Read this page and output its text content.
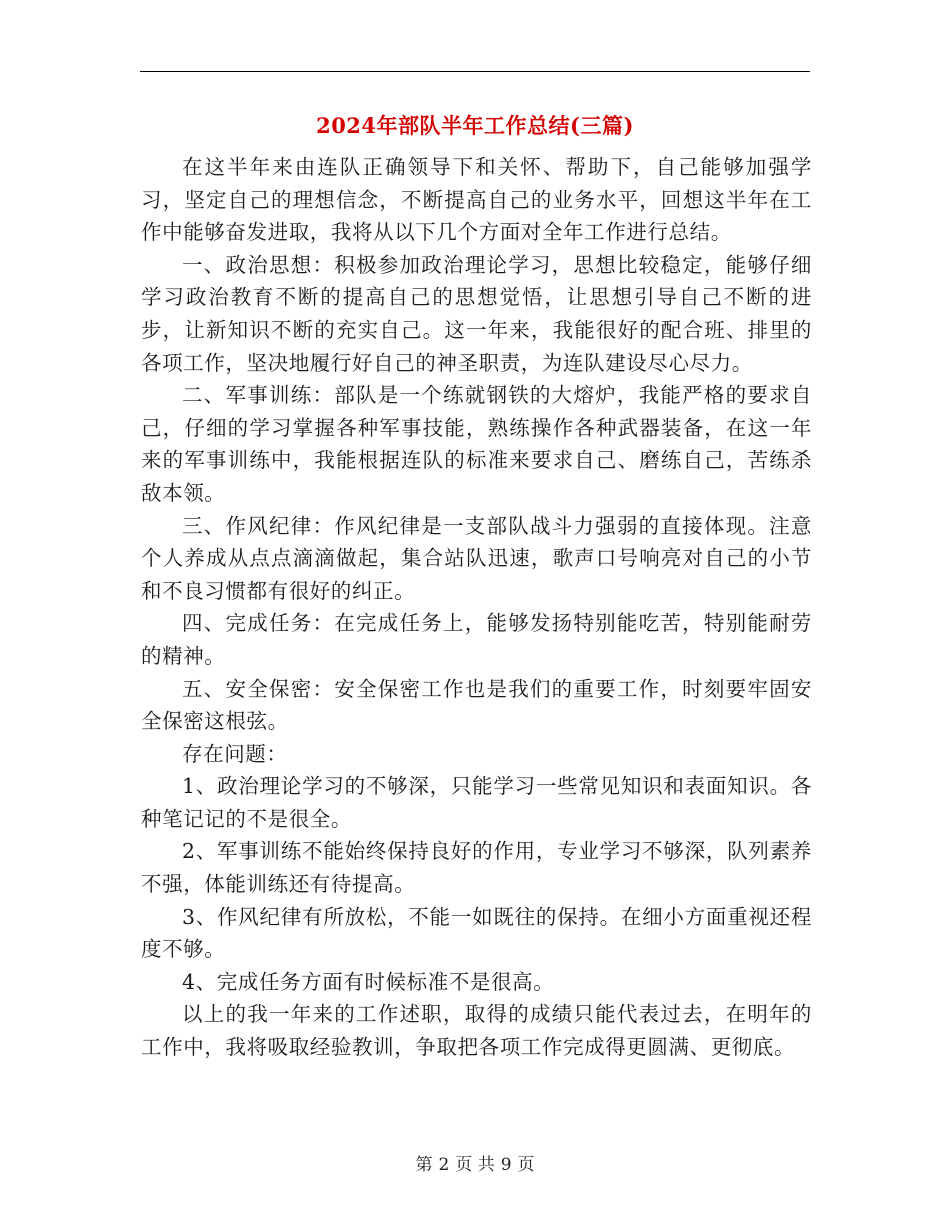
2024年部队半年工作总结(三篇)

在这半年来由连队正确领导下和关怀、帮助下，自己能够加强学习，坚定自己的理想信念，不断提高自己的业务水平，回想这半年在工作中能够奋发进取，我将从以下几个方面对全年工作进行总结。

一、政治思想：积极参加政治理论学习，思想比较稳定，能够仔细学习政治教育不断的提高自己的思想觉悟，让思想引导自己不断的进步，让新知识不断的充实自己。这一年来，我能很好的配合班、排里的各项工作，坚决地履行好自己的神圣职责，为连队建设尽心尽力。

二、军事训练：部队是一个练就钢铁的大熔炉，我能严格的要求自己，仔细的学习掌握各种军事技能，熟练操作各种武器装备，在这一年来的军事训练中，我能根据连队的标准来要求自己、磨练自己，苦练杀敌本领。

三、作风纪律：作风纪律是一支部队战斗力强弱的直接体现。注意个人养成从点点滴滴做起，集合站队迅速，歌声口号响亮对自己的小节和不良习惯都有很好的纠正。

四、完成任务：在完成任务上，能够发扬特别能吃苦，特别能耐劳的精神。

五、安全保密：安全保密工作也是我们的重要工作，时刻要牢固安全保密这根弦。

存在问题：

1、政治理论学习的不够深，只能学习一些常见知识和表面知识。各种笔记记的不是很全。

2、军事训练不能始终保持良好的作用，专业学习不够深，队列素养不强，体能训练还有待提高。

3、作风纪律有所放松，不能一如既往的保持。在细小方面重视还程度不够。

4、完成任务方面有时候标准不是很高。

以上的我一年来的工作述职，取得的成绩只能代表过去，在明年的工作中，我将吸取经验教训，争取把各项工作完成得更圆满、更彻底。

第 2 页 共 9 页
